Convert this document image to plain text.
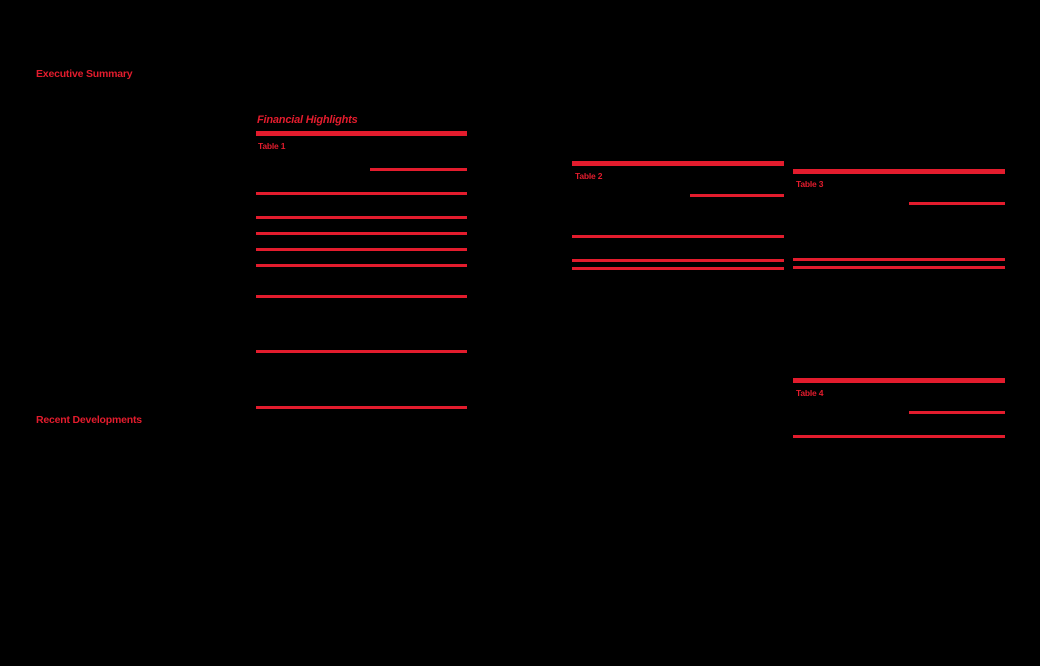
Executive Summary
Recent Developments
Financial Highlights
Table 1
Table 2
Table 3
Table 4
